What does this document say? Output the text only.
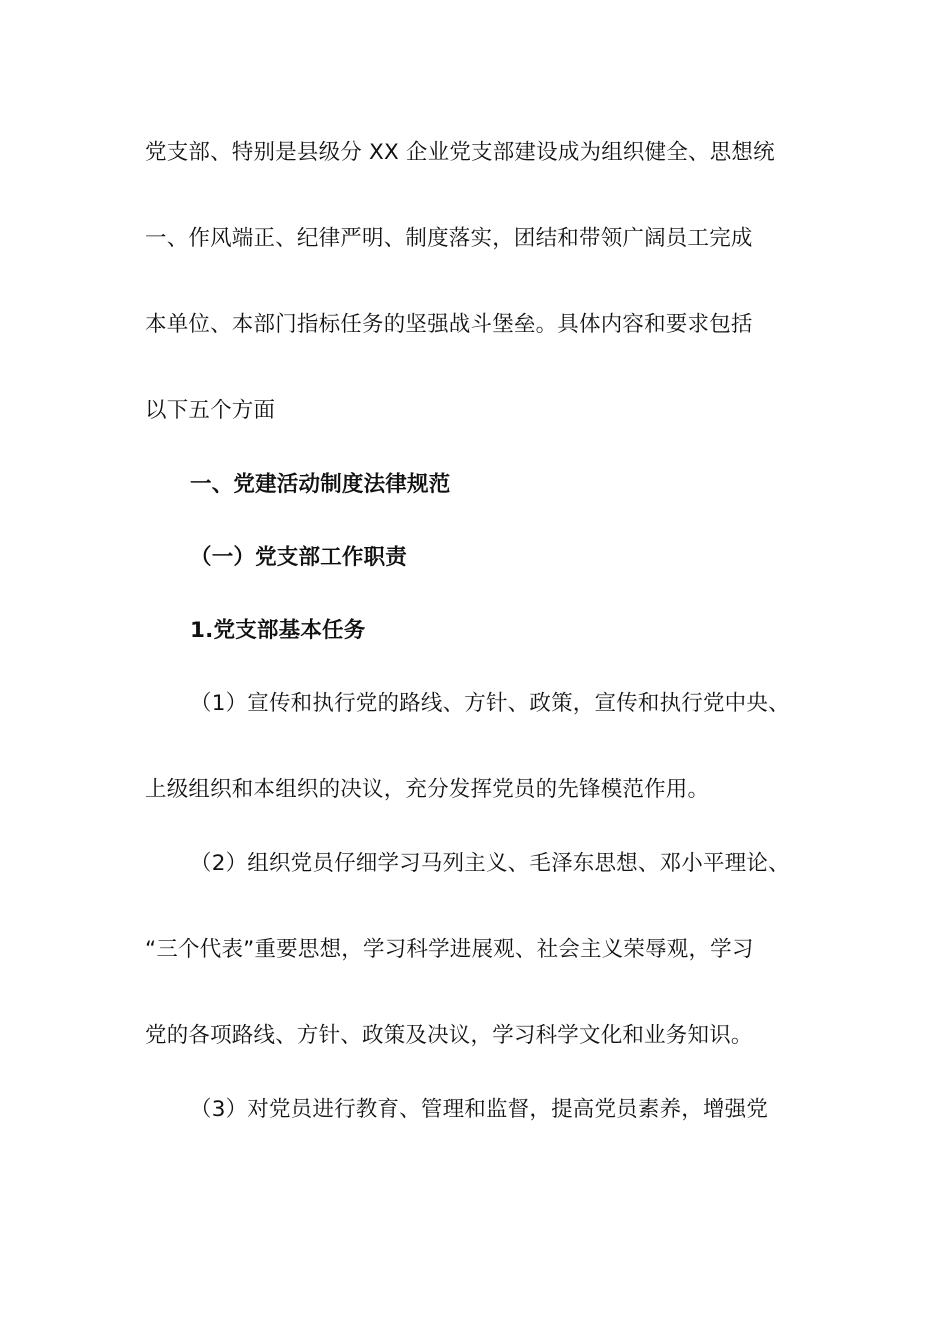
党支部、特别是县级分 XX 企业党支部建设成为组织健全、思想统
一、作风端正、纪律严明、制度落实，团结和带领广阔员工完成
本单位、本部门指标任务的坚强战斗堡垒。具体内容和要求包括
以下五个方面
一、党建活动制度法律规范
（一）党支部工作职责
1.党支部基本任务
（1）宣传和执行党的路线、方针、政策，宣传和执行党中央、
上级组织和本组织的决议，充分发挥党员的先锋模范作用。
（2）组织党员仔细学习马列主义、毛泽东思想、邓小平理论、
“三个代表”重要思想，学习科学进展观、社会主义荣辱观，学习
党的各项路线、方针、政策及决议，学习科学文化和业务知识。
（3）对党员进行教育、管理和监督，提高党员素养，增强党
